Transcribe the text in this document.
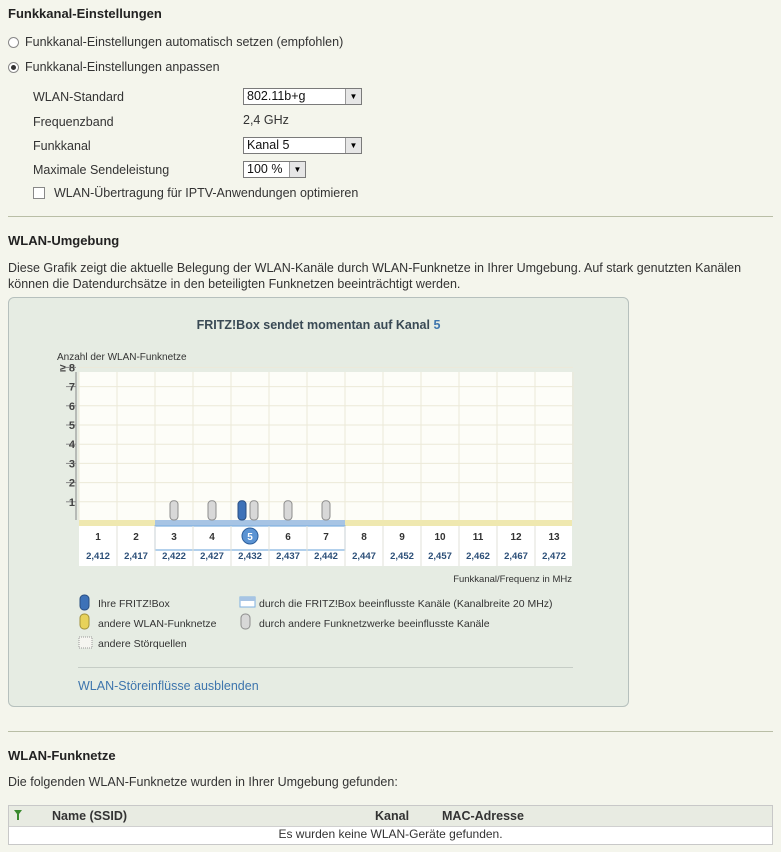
Funkkanal-Einstellungen
Funkkanal-Einstellungen automatisch setzen (empfohlen)
Funkkanal-Einstellungen anpassen
WLAN-Standard	802.11b+g	▼
Frequenzband	2,4 GHz
Funkkanal	Kanal 5	▼
Maximale Sendeleistung	100 %	▼
WLAN-Übertragung für IPTV-Anwendungen optimieren
WLAN-Umgebung
Diese Grafik zeigt die aktuelle Belegung der WLAN-Kanäle durch WLAN-Funknetze in Ihrer Umgebung. Auf stark genutzten Kanälen
können die Datendurchsätze in den beteiligten Funknetzen beeinträchtigt werden.
FRITZ!Box sendet momentan auf Kanal 5
Anzahl der WLAN-Funknetze
1
2
3
4
5
6
7
≥ 8
1
2,412
2
2,417
3
2,422
4
2,427
5
2,432
6
2,437
7
2,442
8
2,447
9
2,452
10
2,457
11
2,462
12
2,467
13
2,472
Funkkanal/Frequenz in MHz
Ihre FRITZ!Box
andere WLAN-Funknetze
andere Störquellen
durch die FRITZ!Box beeinflusste Kanäle (Kanalbreite 20 MHz)
durch andere Funknetzwerke beeinflusste Kanäle
WLAN-Störeinflüsse ausblenden
WLAN-Funknetze
Die folgenden WLAN-Funknetze wurden in Ihrer Umgebung gefunden:
Name (SSID)	Kanal	MAC-Adresse
Es wurden keine WLAN-Geräte gefunden.
